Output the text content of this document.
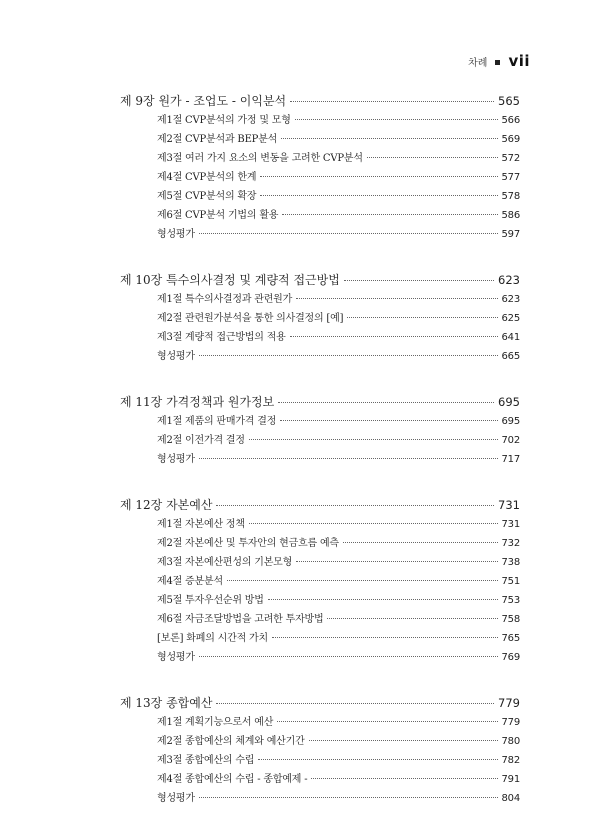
차례 vii
제 9장 원가 - 조업도 - 이익분석	565
제1절 CVP분석의 가정 및 모형	566
제2절 CVP분석과 BEP분석	569
제3절 여러 가지 요소의 변동을 고려한 CVP분석	572
제4절 CVP분석의 한계	577
제5절 CVP분석의 확장	578
제6절 CVP분석 기법의 활용	586
형성평가	597
제 10장 특수의사결정 및 계량적 접근방법	623
제1절 특수의사결정과 관련원가	623
제2절 관련원가분석을 통한 의사결정의 [예]	625
제3절 계량적 접근방법의 적용	641
형성평가	665
제 11장 가격정책과 원가정보	695
제1절 제품의 판매가격 결정	695
제2절 이전가격 결정	702
형성평가	717
제 12장 자본예산	731
제1절 자본예산 정책	731
제2절 자본예산 및 투자안의 현금흐름 예측	732
제3절 자본예산편성의 기본모형	738
제4절 증분분석	751
제5절 투자우선순위 방법	753
제6절 자금조달방법을 고려한 투자방법	758
[보론] 화폐의 시간적 가치	765
형성평가	769
제 13장 종합예산	779
제1절 계획기능으로서 예산	779
제2절 종합예산의 체계와 예산기간	780
제3절 종합예산의 수립	782
제4절 종합예산의 수립 - 종합예제 -	791
형성평가	804
